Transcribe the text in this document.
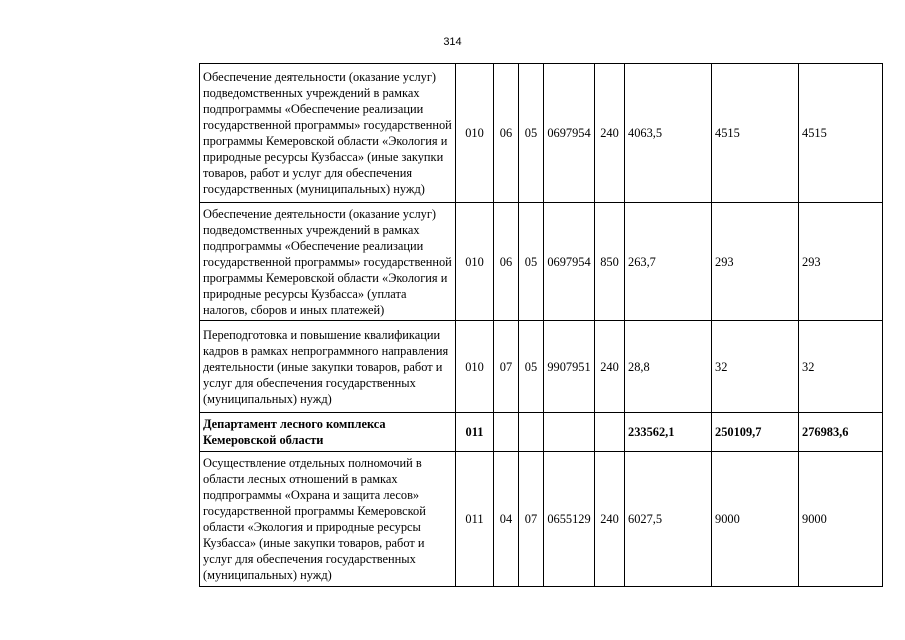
314
Обеспечение деятельности (оказание услуг) подведомственных учреждений в рамках подпрограммы «Обеспечение реализации государственной программы» государственной программы Кемеровской области «Экология и природные ресурсы Кузбасса» (иные закупки товаров, работ и услуг для обеспечения государственных (муниципальных) нужд)	010	06	05	0697954	240	4063,5	4515	4515
Обеспечение деятельности (оказание услуг) подведомственных учреждений в рамках подпрограммы «Обеспечение реализации государственной программы» государственной программы Кемеровской области «Экология и природные ресурсы Кузбасса» (уплата налогов, сборов и иных платежей)	010	06	05	0697954	850	263,7	293	293
Переподготовка и повышение квалификации кадров в рамках непрограммного направления деятельности (иные закупки товаров, работ и услуг для обеспечения государственных (муниципальных) нужд)	010	07	05	9907951	240	28,8	32	32
Департамент лесного комплекса Кемеровской области	011					233562,1	250109,7	276983,6
Осуществление отдельных полномочий в области лесных отношений в рамках подпрограммы «Охрана и защита лесов» государственной программы Кемеровской области «Экология и природные ресурсы Кузбасса» (иные закупки товаров, работ и услуг для обеспечения государственных (муниципальных) нужд)	011	04	07	0655129	240	6027,5	9000	9000
